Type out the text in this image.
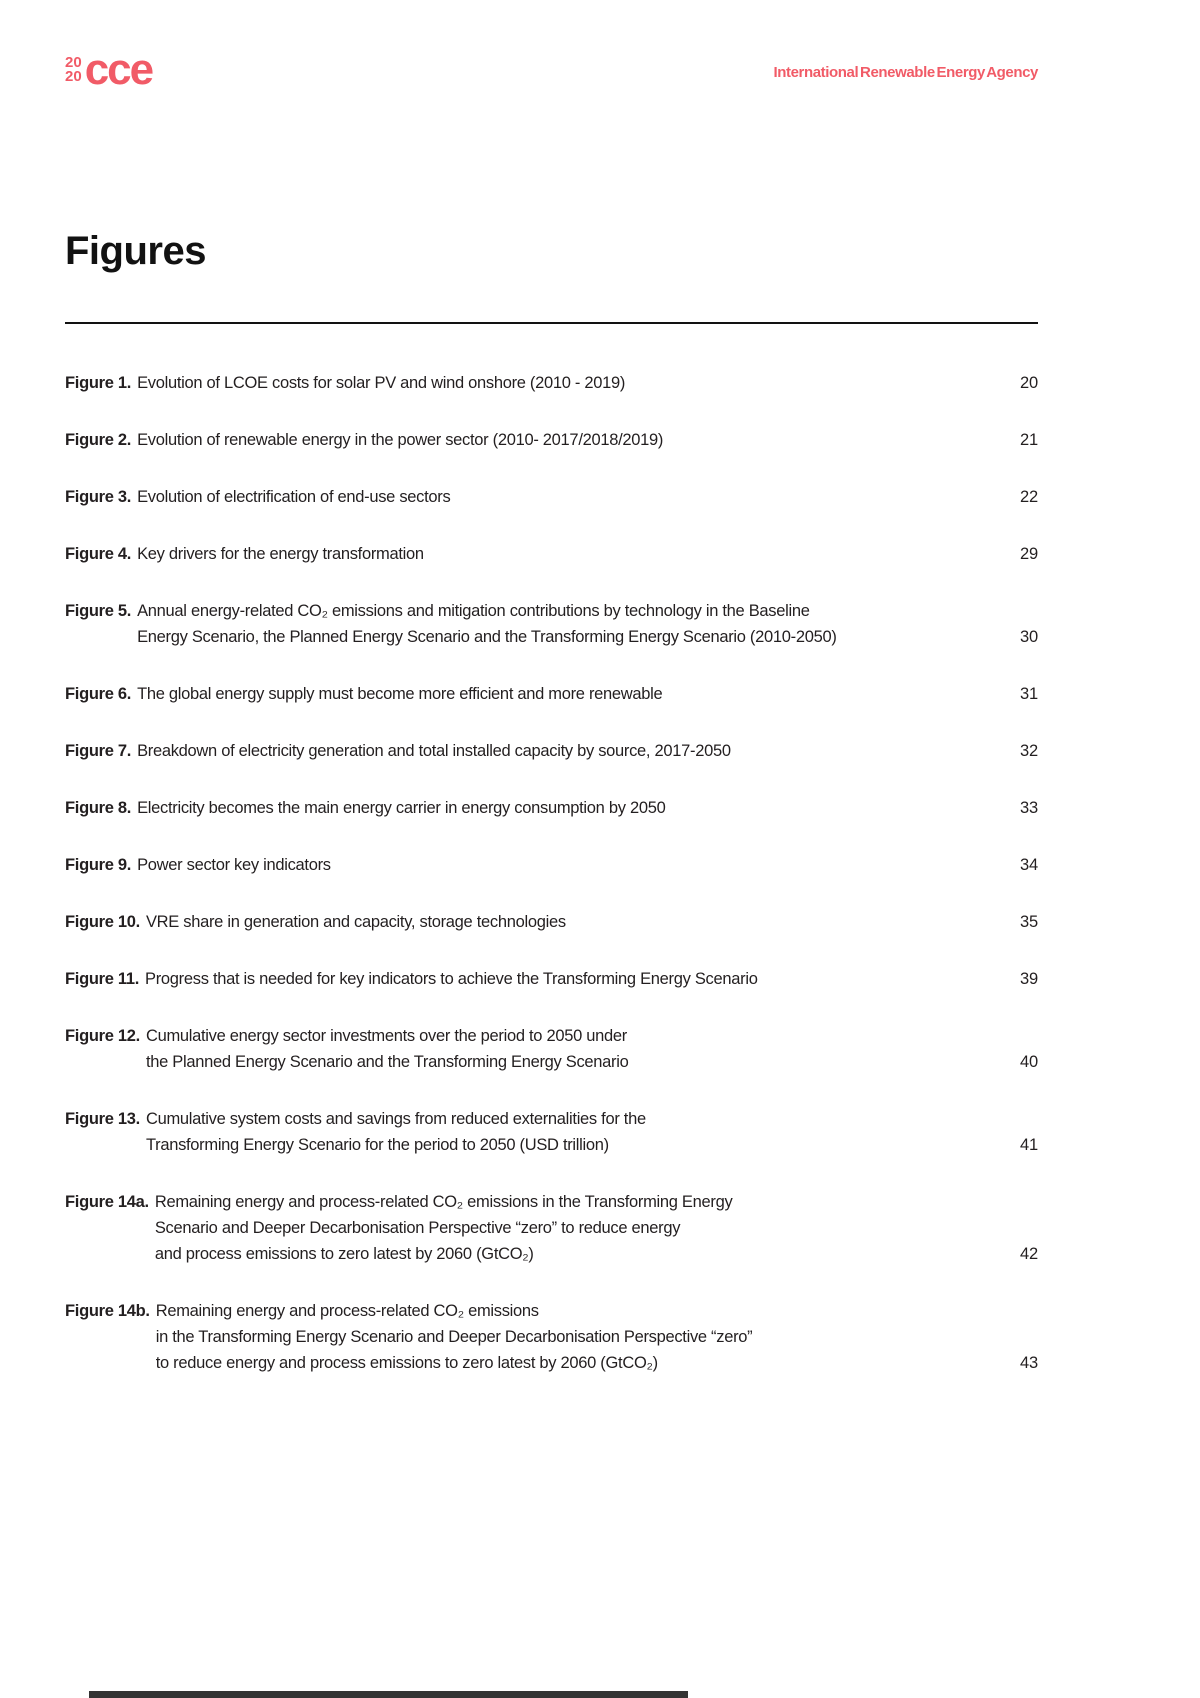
20
20 cce	International Renewable Energy Agency
Figures
Figure 1. Evolution of LCOE costs for solar PV and wind onshore (2010 - 2019)	20
Figure 2. Evolution of renewable energy in the power sector (2010- 2017/2018/2019)	21
Figure 3. Evolution of electrification of end-use sectors	22
Figure 4. Key drivers for the energy transformation	29
Figure 5. Annual energy-related CO₂ emissions and mitigation contributions by technology in the Baseline
Energy Scenario, the Planned Energy Scenario and the Transforming Energy Scenario (2010-2050)	30
Figure 6. The global energy supply must become more efficient and more renewable	31
Figure 7. Breakdown of electricity generation and total installed capacity by source, 2017-2050	32
Figure 8. Electricity becomes the main energy carrier in energy consumption by 2050	33
Figure 9. Power sector key indicators	34
Figure 10. VRE share in generation and capacity, storage technologies	35
Figure 11. Progress that is needed for key indicators to achieve the Transforming Energy Scenario	39
Figure 12. Cumulative energy sector investments over the period to 2050 under
the Planned Energy Scenario and the Transforming Energy Scenario	40
Figure 13. Cumulative system costs and savings from reduced externalities for the
Transforming Energy Scenario for the period to 2050 (USD trillion)	41
Figure 14a. Remaining energy and process-related CO₂ emissions in the Transforming Energy
Scenario and Deeper Decarbonisation Perspective “zero” to reduce energy
and process emissions to zero latest by 2060 (GtCO₂)	42
Figure 14b. Remaining energy and process-related CO₂ emissions
in the Transforming Energy Scenario and Deeper Decarbonisation Perspective “zero”
to reduce energy and process emissions to zero latest by 2060 (GtCO₂)	43
